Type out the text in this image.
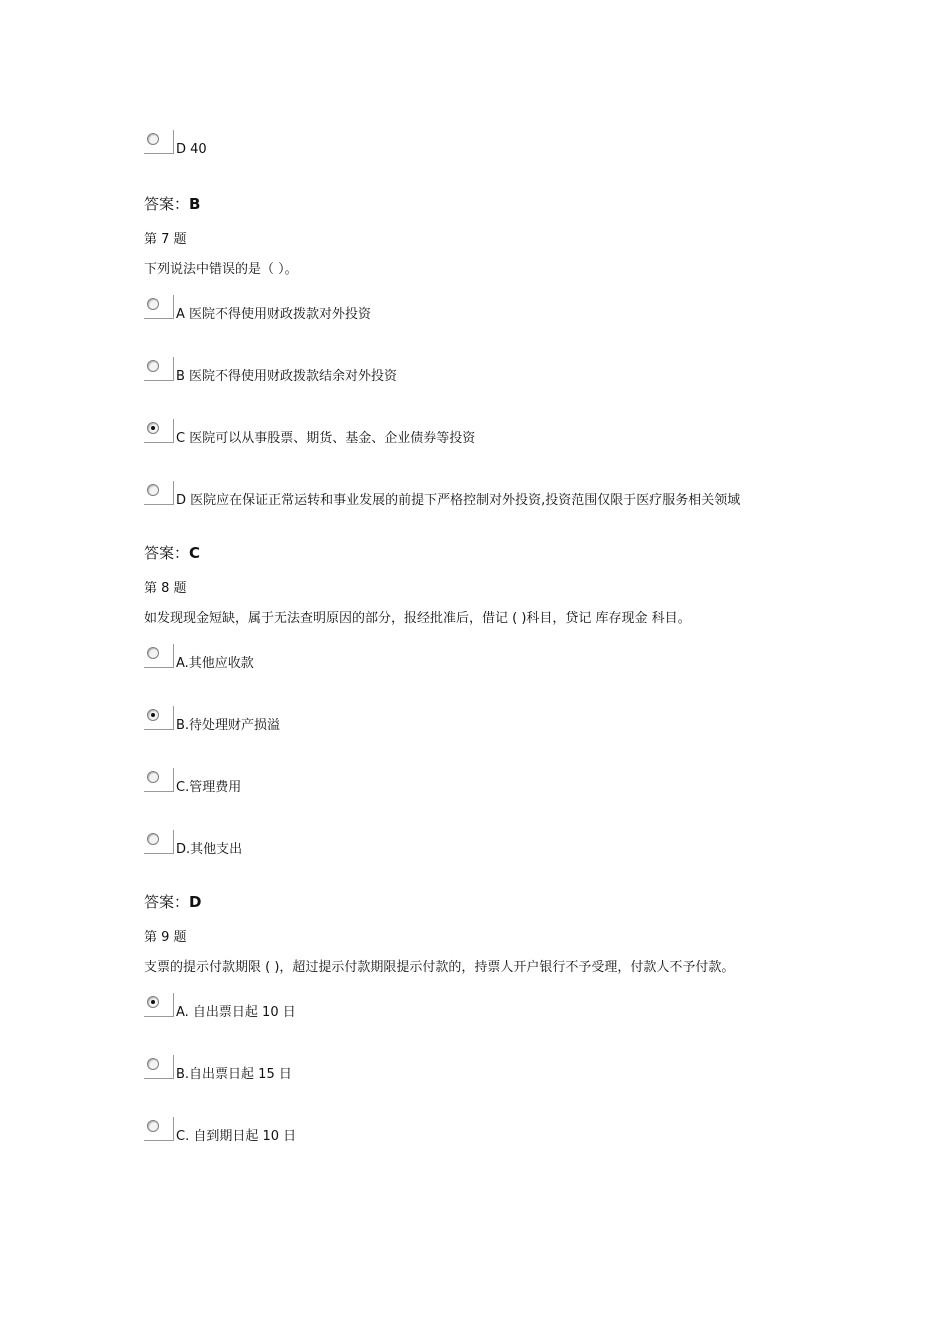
D 40
答案：B
第 7 题
下列说法中错误的是（ ）。
A 医院不得使用财政拨款对外投资
B 医院不得使用财政拨款结余对外投资
C 医院可以从事股票、期货、基金、企业债券等投资
D 医院应在保证正常运转和事业发展的前提下严格控制对外投资,投资范围仅限于医疗服务相关领域
答案：C
第 8 题
如发现现金短缺，属于无法查明原因的部分，报经批准后，借记 ( )科目，贷记 库存现金 科目。
A.其他应收款
B.待处理财产损溢
C.管理费用
D.其他支出
答案：D
第 9 题
支票的提示付款期限 ( )，超过提示付款期限提示付款的，持票人开户银行不予受理，付款人不予付款。
A. 自出票日起 10 日
B.自出票日起 15 日
C. 自到期日起 10 日
